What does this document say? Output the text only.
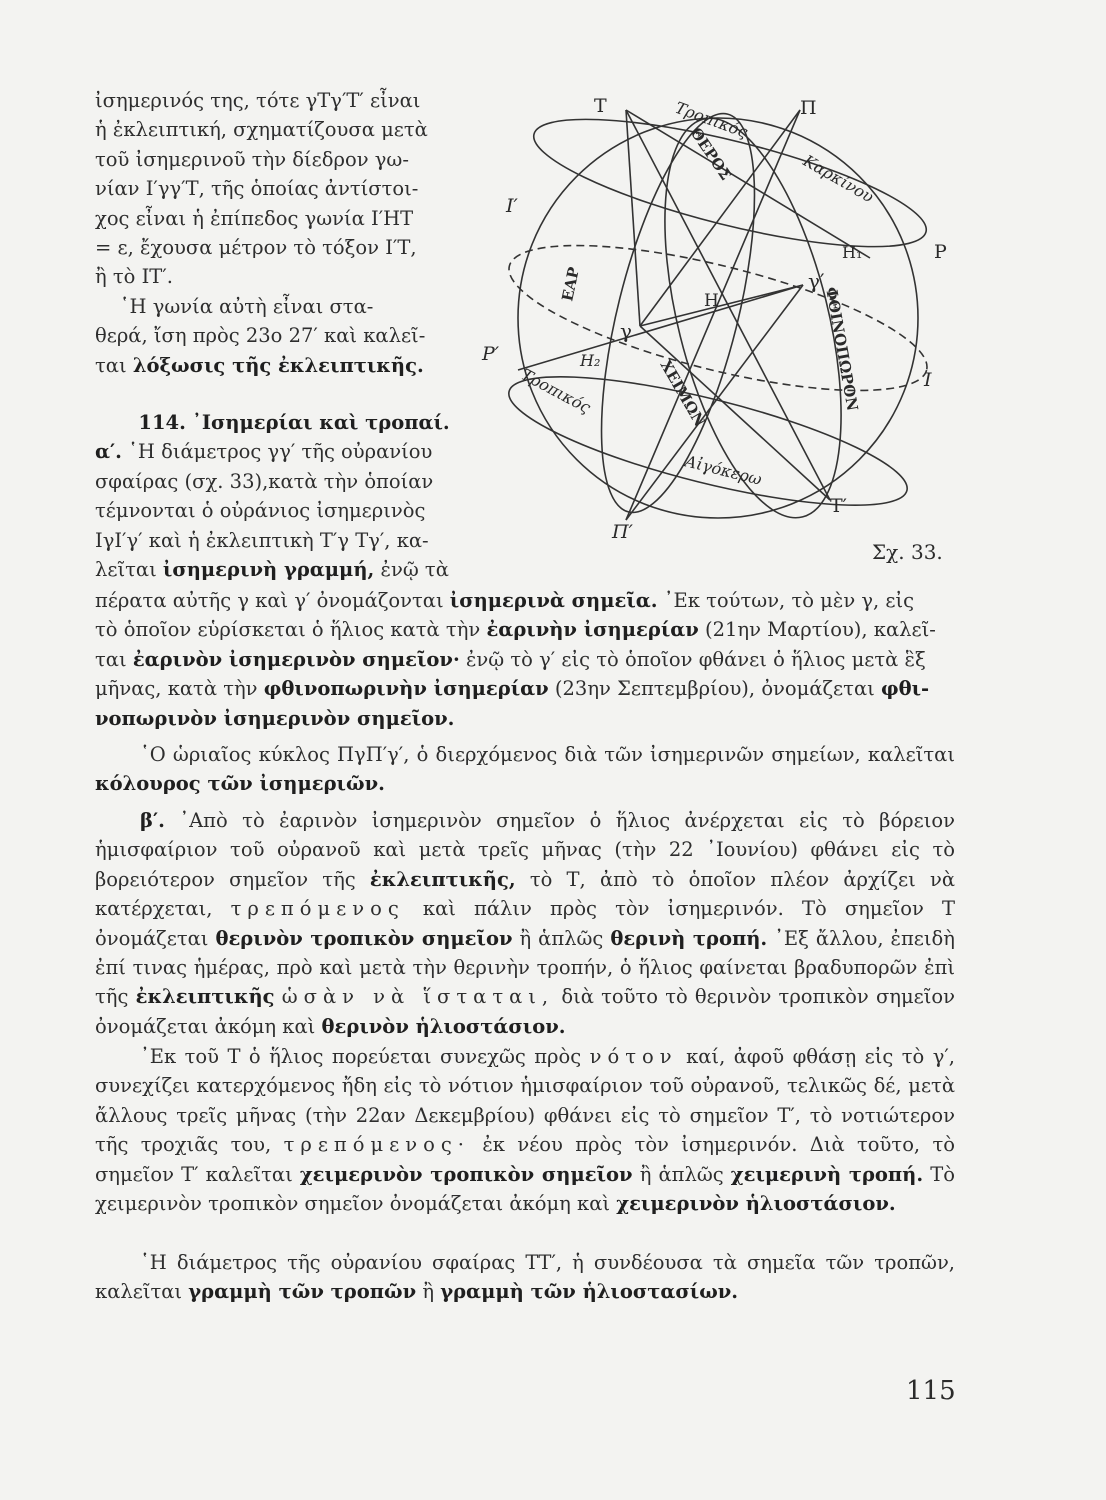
ἰσημερινός της, τότε γΤγ′Τ′ εἶναι
ἡ ἐκλειπτική, σχηματίζουσα μετὰ
τοῦ ἰσημερινοῦ τὴν δίεδρον γω-
νίαν Ι′γγ′Τ, τῆς ὁποίας ἀντίστοι-
χος εἶναι ἡ ἐπίπεδος γωνία Ι′ΗΤ
= ε, ἔχουσα μέτρον τὸ τόξον Ι′Τ,
ἢ τὸ ΙΤ′.

῾Η γωνία αὐτὴ εἶναι στα-
θερά, ἴση πρὸς 23ο 27′ καὶ καλεῖ-
ται λόξωσις τῆς ἐκλειπτικῆς.

114. ᾿Ισημερίαι καὶ τροπαί.
α′. ῾Η διάμετρος γγ′ τῆς οὐρανίου
σφαίρας (σχ. 33),κατὰ τὴν ὁποίαν
τέμνονται ὁ οὐράνιος ἰσημερινὸς
ΙγΙ′γ′ καὶ ἡ ἐκλειπτικὴ Τ′γ Τγ′, κα-
λεῖται ἰσημερινὴ γραμμή, ἐνῷ τὰ

Τ	Π
Ι′
Ρ
Ρ′
Ι
Π′
Τ′
Η
Η₁
Η₂
γ
γ′
Τροπικός
Καρκίνου
Τροπικός
Αἰγόκερω
ΕΑΡ
ΘΕΡΟΣ
ΦΘΙΝΟΠΩΡΟΝ
ΧΕΙΜΩΝ
Σχ. 33.

πέρατα αὐτῆς γ καὶ γ′ ὀνομάζονται ἰσημερινὰ σημεῖα. ᾿Εκ τούτων, τὸ μὲν γ, εἰς
τὸ ὁποῖον εὑρίσκεται ὁ ἥλιος κατὰ τὴν ἐαρινὴν ἰσημερίαν (21ην Μαρτίου), καλεῖ-
ται ἐαρινὸν ἰσημερινὸν σημεῖον· ἐνῷ τὸ γ′ εἰς τὸ ὁποῖον φθάνει ὁ ἥλιος μετὰ ἓξ
μῆνας, κατὰ τὴν φθινοπωρινὴν ἰσημερίαν (23ην Σεπτεμβρίου), ὀνομάζεται φθι-
νοπωρινὸν ἰσημερινὸν σημεῖον.

῾Ο ὡριαῖος κύκλος ΠγΠ′γ′, ὁ διερχόμενος διὰ τῶν ἰσημερινῶν σημείων, καλεῖται κόλουρος τῶν ἰσημεριῶν.

β′. ᾿Απὸ τὸ ἐαρινὸν ἰσημερινὸν σημεῖον ὁ ἥλιος ἀνέρχεται εἰς τὸ βόρειον ἡμισφαίριον τοῦ οὐρανοῦ καὶ μετὰ τρεῖς μῆνας (τὴν 22 ᾿Ιουνίου) φθάνει εἰς τὸ βορειότερον σημεῖον τῆς ἐκλειπτικῆς, τὸ Τ, ἀπὸ τὸ ὁποῖον πλέον ἀρχίζει νὰ κατέρχεται, τρεπόμενος καὶ πάλιν πρὸς τὸν ἰσημερινόν. Τὸ σημεῖον Τ ὀνομάζεται θερινὸν τροπικὸν σημεῖον ἢ ἁπλῶς θερινὴ τροπή. ᾿Εξ ἄλλου, ἐπειδὴ ἐπί τινας ἡμέρας, πρὸ καὶ μετὰ τὴν θερινὴν τροπήν, ὁ ἥλιος φαίνεται βραδυπορῶν ἐπὶ τῆς ἐκλειπτικῆς ὡσὰν νὰ ἵσταται, διὰ τοῦτο τὸ θερινὸν τροπικὸν σημεῖον ὀνομάζεται ἀκόμη καὶ θερινὸν ἡλιοστάσιον.

᾿Εκ τοῦ Τ ὁ ἥλιος πορεύεται συνεχῶς πρὸς νότον καί, ἀφοῦ φθάσῃ εἰς τὸ γ′, συνεχίζει κατερχόμενος ἤδη εἰς τὸ νότιον ἡμισφαίριον τοῦ οὐρανοῦ, τελικῶς δέ, μετὰ ἄλλους τρεῖς μῆνας (τὴν 22αν Δεκεμβρίου) φθάνει εἰς τὸ σημεῖον Τ′, τὸ νοτιώτερον τῆς τροχιᾶς του, τρεπόμενος· ἐκ νέου πρὸς τὸν ἰσημερινόν. Διὰ τοῦτο, τὸ σημεῖον Τ′ καλεῖται χειμερινὸν τροπικὸν σημεῖον ἢ ἁπλῶς χειμερινὴ τροπή. Τὸ χειμερινὸν τροπικὸν σημεῖον ὀνομάζεται ἀκόμη καὶ χειμερινὸν ἡλιοστάσιον.

῾Η διάμετρος τῆς οὐρανίου σφαίρας ΤΤ′, ἡ συνδέουσα τὰ σημεῖα τῶν τροπῶν, καλεῖται γραμμὴ τῶν τροπῶν ἢ γραμμὴ τῶν ἡλιοστασίων.

115
